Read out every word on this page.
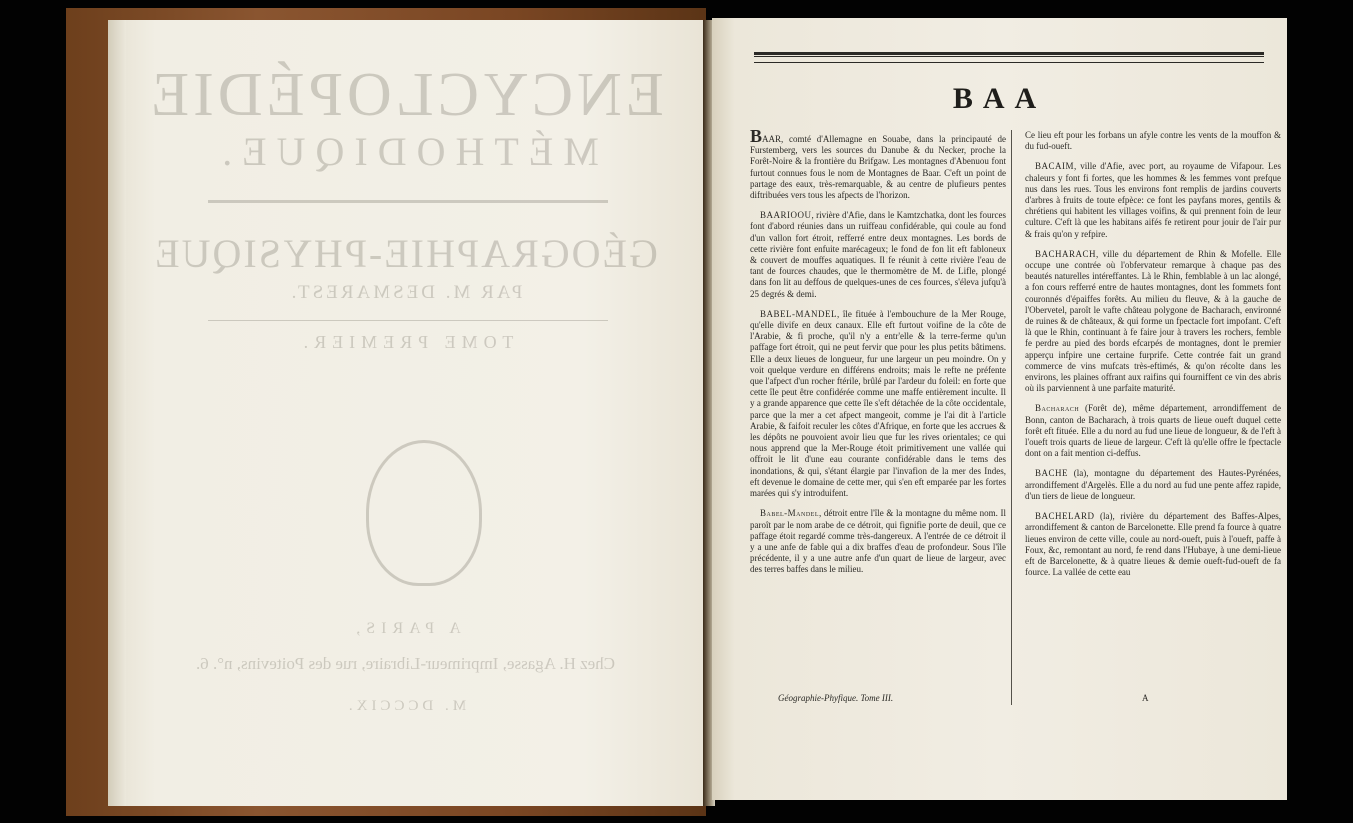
ENCYCLOPÉDIE
MÉTHODIQUE.
GÉOGRAPHIE-PHYSIQUE
PAR M. DESMAREST.
TOME PREMIER.
A PARIS,
Chez H. Agasse, Imprimeur-Libraire, rue des Poitevins, n°. 6.
M. DCCCIX.
BAA

BAAR, comté d'Allemagne en Souabe, dans la principauté de Furstemberg, vers les sources du Danube & du Necker, proche la Forêt-Noire & la frontière du Brifgaw. Les montagnes d'Abenuou font furtout connues fous le nom de Montagnes de Baar. C'eft un point de partage des eaux, très-remarquable, & au centre de plufieurs pentes diftribuées vers tous les afpects de l'horizon.

BAARIOOU, rivière d'Afie, dans le Kamtzchatka, dont les fources font d'abord réunies dans un ruiffeau confidérable, qui coule au fond d'un vallon fort étroit, refferré entre deux montagnes. Les bords de cette rivière font enfuite marécageux; le fond de fon lit eft fabloneux & couvert de mouffes aquatiques. Il fe réunit à cette rivière l'eau de tant de fources chaudes, que le thermomètre de M. de Lifle, plongé dans fon lit au deffous de quelques-unes de ces fources, s'éleva jufqu'à 25 degrés & demi.

BABEL-MANDEL, île fituée à l'embouchure de la Mer Rouge, qu'elle divife en deux canaux. Elle eft furtout voifine de la côte de l'Arabie, & fi proche, qu'il n'y a entr'elle & la terre-ferme qu'un paffage fort étroit, qui ne peut fervir que pour les plus petits bâtimens. Elle a deux lieues de longueur, fur une largeur un peu moindre. On y voit quelque verdure en différens endroits; mais le refte ne préfente que l'afpect d'un rocher ftérile, brûlé par l'ardeur du foleil: en forte que cette île peut être confidérée comme une maffe entièrement inculte. Il y a grande apparence que cette île s'eft détachée de la côte occidentale, parce que la mer a cet afpect mangeoit, comme je l'ai dit à l'article Arabie, & faifoit reculer les côtes d'Afrique, en forte que les accrues & les dépôts ne pouvoient avoir lieu que fur les rives orientales; ce qui nous apprend que la Mer-Rouge étoit primitivement une vallée qui offroit le lit d'une eau courante confidérable dans le tems des inondations, & qui, s'étant élargie par l'invafion de la mer des Indes, eft devenue le domaine de cette mer, qui s'en eft emparée par les fortes marées qui s'y introduifent.

Babel-Mandel, détroit entre l'île & la montagne du même nom. Il paroît par le nom arabe de ce détroit, qui fignifie porte de deuil, que ce paffage étoit regardé comme très-dangereux. A l'entrée de ce détroit il y a une anfe de fable qui a dix braffes d'eau de profondeur. Sous l'île précédente, il y a une autre anfe d'un quart de lieue de largeur, avec des terres baffes dans le milieu.

Ce lieu eft pour les forbans un afyle contre les vents de la mouffon & du fud-oueft.

BACAIM, ville d'Afie, avec port, au royaume de Vifapour. Les chaleurs y font fi fortes, que les hommes & les femmes vont prefque nus dans les rues. Tous les environs font remplis de jardins couverts d'arbres à fruits de toute efpèce: ce font les payfans mores, gentils & chrétiens qui habitent les villages voifins, & qui prennent foin de leur culture. C'eft là que les habitans aifés fe retirent pour jouir de l'air pur & frais qu'on y refpire.

BACHARACH, ville du département de Rhin & Mofelle. Elle occupe une contrée où l'obfervateur remarque à chaque pas des beautés naturelles intéreffantes. Là le Rhin, femblable à un lac alongé, a fon cours refferré entre de hautes montagnes, dont les fommets font couronnés d'épaiffes forêts. Au milieu du fleuve, & à la gauche de l'Obervetel, paroît le vafte château polygone de Bacharach, environné de ruines & de châteaux, & qui forme un fpectacle fort impofant. C'eft là que le Rhin, continuant à fe faire jour à travers les rochers, femble fe perdre au pied des bords efcarpés de montagnes, dont le premier apperçu infpire une certaine furprife. Cette contrée fait un grand commerce de vins mufcats très-eftimés, & qu'on récolte dans les environs, les plaines offrant aux raifins qui fourniffent ce vin des abris où ils parviennent à une parfaite maturité.

Bacharach (Forêt de), même département, arrondiffement de Bonn, canton de Bacharach, à trois quarts de lieue oueft duquel cette forêt eft fituée. Elle a du nord au fud une lieue de longueur, & de l'eft à l'oueft trois quarts de lieue de largeur. C'eft là qu'elle offre le fpectacle dont on a fait mention ci-deffus.

BACHE (la), montagne du département des Hautes-Pyrénées, arrondiffement d'Argelès. Elle a du nord au fud une pente affez rapide, d'un tiers de lieue de longueur.

BACHELARD (la), rivière du département des Baffes-Alpes, arrondiffement & canton de Barcelonette. Elle prend fa fource à quatre lieues environ de cette ville, coule au nord-oueft, puis à l'oueft, paffe à Foux, &c, remontant au nord, fe rend dans l'Hubaye, à une demi-lieue eft de Barcelonette, & à quatre lieues & demie oueft-fud-oueft de fa fource. La vallée de cette eau

Géographie-Phyfique. Tome III.	A
